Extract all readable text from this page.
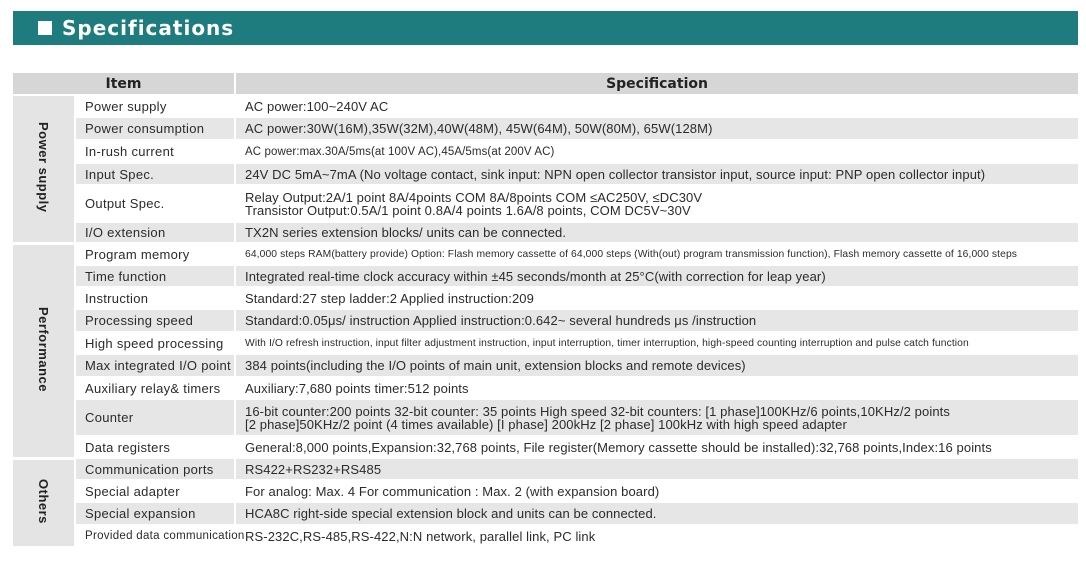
Specifications
Item		Specification
Power supply	Power supply	AC power:100~240V AC
	Power consumption	AC power:30W(16M),35W(32M),40W(48M), 45W(64M), 50W(80M), 65W(128M)
	In-rush current	AC power:max.30A/5ms(at 100V AC),45A/5ms(at 200V AC)
	Input Spec.	24V DC 5mA~7mA (No voltage contact, sink input: NPN open collector transistor input, source input: PNP open collector input)
	Output Spec.	Relay Output:2A/1 point 8A/4points COM 8A/8points COM ≤AC250V, ≤DC30V
Transistor Output:0.5A/1 point 0.8A/4 points 1.6A/8 points, COM DC5V~30V

	I/O extension	TX2N series extension blocks/ units can be connected.
Performance	Program memory	64,000 steps RAM(battery provide) Option: Flash memory cassette of 64,000 steps (With(out) program transmission function), Flash memory cassette of 16,000 steps
	Time function	Integrated real-time clock accuracy within ±45 seconds/month at 25°C(with correction for leap year)
	Instruction	Standard:27 step ladder:2 Applied instruction:209
	Processing speed	Standard:0.05μs/ instruction Applied instruction:0.642~ several hundreds μs /instruction
	High speed processing	With I/O refresh instruction, input filter adjustment instruction, input interruption, timer interruption, high-speed counting interruption and pulse catch function
	Max integrated I/O point	384 points(including the I/O points of main unit, extension blocks and remote devices)
	Auxiliary relay& timers	Auxiliary:7,680 points timer:512 points
	Counter	16-bit counter:200 points 32-bit counter: 35 points High speed 32-bit counters: [1 phase]100KHz/6 points,10KHz/2 points
[2 phase]50KHz/2 point (4 times available) [I phase] 200kHz [2 phase] 100kHz with high speed adapter

	Data registers	General:8,000 points,Expansion:32,768 points, File register(Memory cassette should be installed):32,768 points,Index:16 points
Others	Communication ports	RS422+RS232+RS485
	Special adapter	For analog: Max. 4 For communication : Max. 2 (with expansion board)
	Special expansion	HCA8C right-side special extension block and units can be connected.
	Provided data communication	RS-232C,RS-485,RS-422,N:N network, parallel link, PC link
